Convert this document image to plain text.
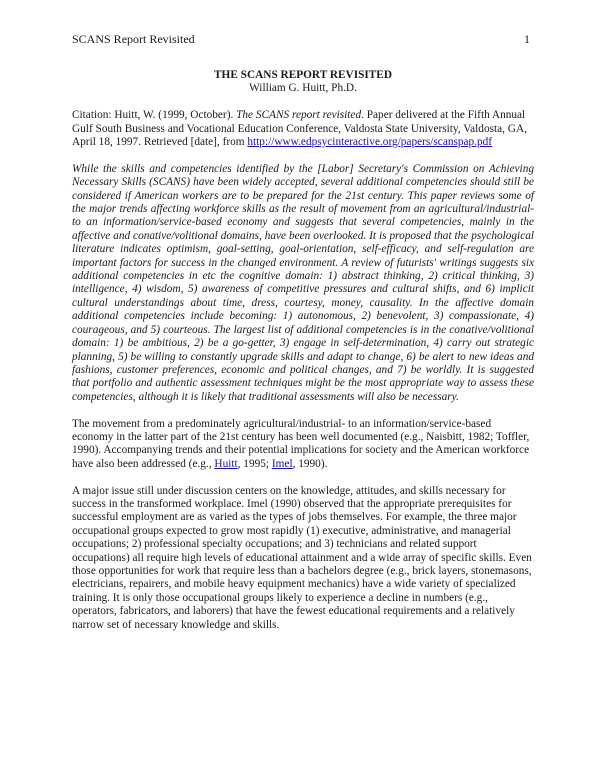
SCANS Report Revisited	1

THE SCANS REPORT REVISITED

William G. Huitt, Ph.D.

Citation: Huitt, W. (1999, October). The SCANS report revisited. Paper delivered at the Fifth Annual Gulf South Business and Vocational Education Conference, Valdosta State University, Valdosta, GA, April 18, 1997. Retrieved [date], from http://www.edpsycinteractive.org/papers/scanspap.pdf

While the skills and competencies identified by the [Labor] Secretary's Commission on Achieving Necessary Skills (SCANS) have been widely accepted, several additional competencies should still be considered if American workers are to be prepared for the 21st century. This paper reviews some of the major trends affecting workforce skills as the result of movement from an agricultural/industrial- to an information/service-based economy and suggests that several competencies, mainly in the affective and conative/volitional domains, have been overlooked. It is proposed that the psychological literature indicates optimism, goal-setting, goal-orientation, self-efficacy, and self-regulation are important factors for success in the changed environment. A review of futurists' writings suggests six additional competencies in etc the cognitive domain: 1) abstract thinking, 2) critical thinking, 3) intelligence, 4) wisdom, 5) awareness of competitive pressures and cultural shifts, and 6) implicit cultural understandings about time, dress, courtesy, money, causality. In the affective domain additional competencies include becoming: 1) autonomous, 2) benevolent, 3) compassionate, 4) courageous, and 5) courteous. The largest list of additional competencies is in the conative/volitional domain: 1) be ambitious, 2) be a go-getter, 3) engage in self-determination, 4) carry out strategic planning, 5) be willing to constantly upgrade skills and adapt to change, 6) be alert to new ideas and fashions, customer preferences, economic and political changes, and 7) be worldly. It is suggested that portfolio and authentic assessment techniques might be the most appropriate way to assess these competencies, although it is likely that traditional assessments will also be necessary.

The movement from a predominately agricultural/industrial- to an information/service-based economy in the latter part of the 21st century has been well documented (e.g., Naisbitt, 1982; Toffler, 1990). Accompanying trends and their potential implications for society and the American workforce have also been addressed (e.g., Huitt, 1995; Imel, 1990).

A major issue still under discussion centers on the knowledge, attitudes, and skills necessary for success in the transformed workplace. Imel (1990) observed that the appropriate prerequisites for successful employment are as varied as the types of jobs themselves. For example, the three major occupational groups expected to grow most rapidly (1) executive, administrative, and managerial occupations; 2) professional specialty occupations; and 3) technicians and related support occupations) all require high levels of educational attainment and a wide array of specific skills. Even those opportunities for work that require less than a bachelors degree (e.g., brick layers, stonemasons, electricians, repairers, and mobile heavy equipment mechanics) have a wide variety of specialized training. It is only those occupational groups likely to experience a decline in numbers (e.g., operators, fabricators, and laborers) that have the fewest educational requirements and a relatively narrow set of necessary knowledge and skills.
